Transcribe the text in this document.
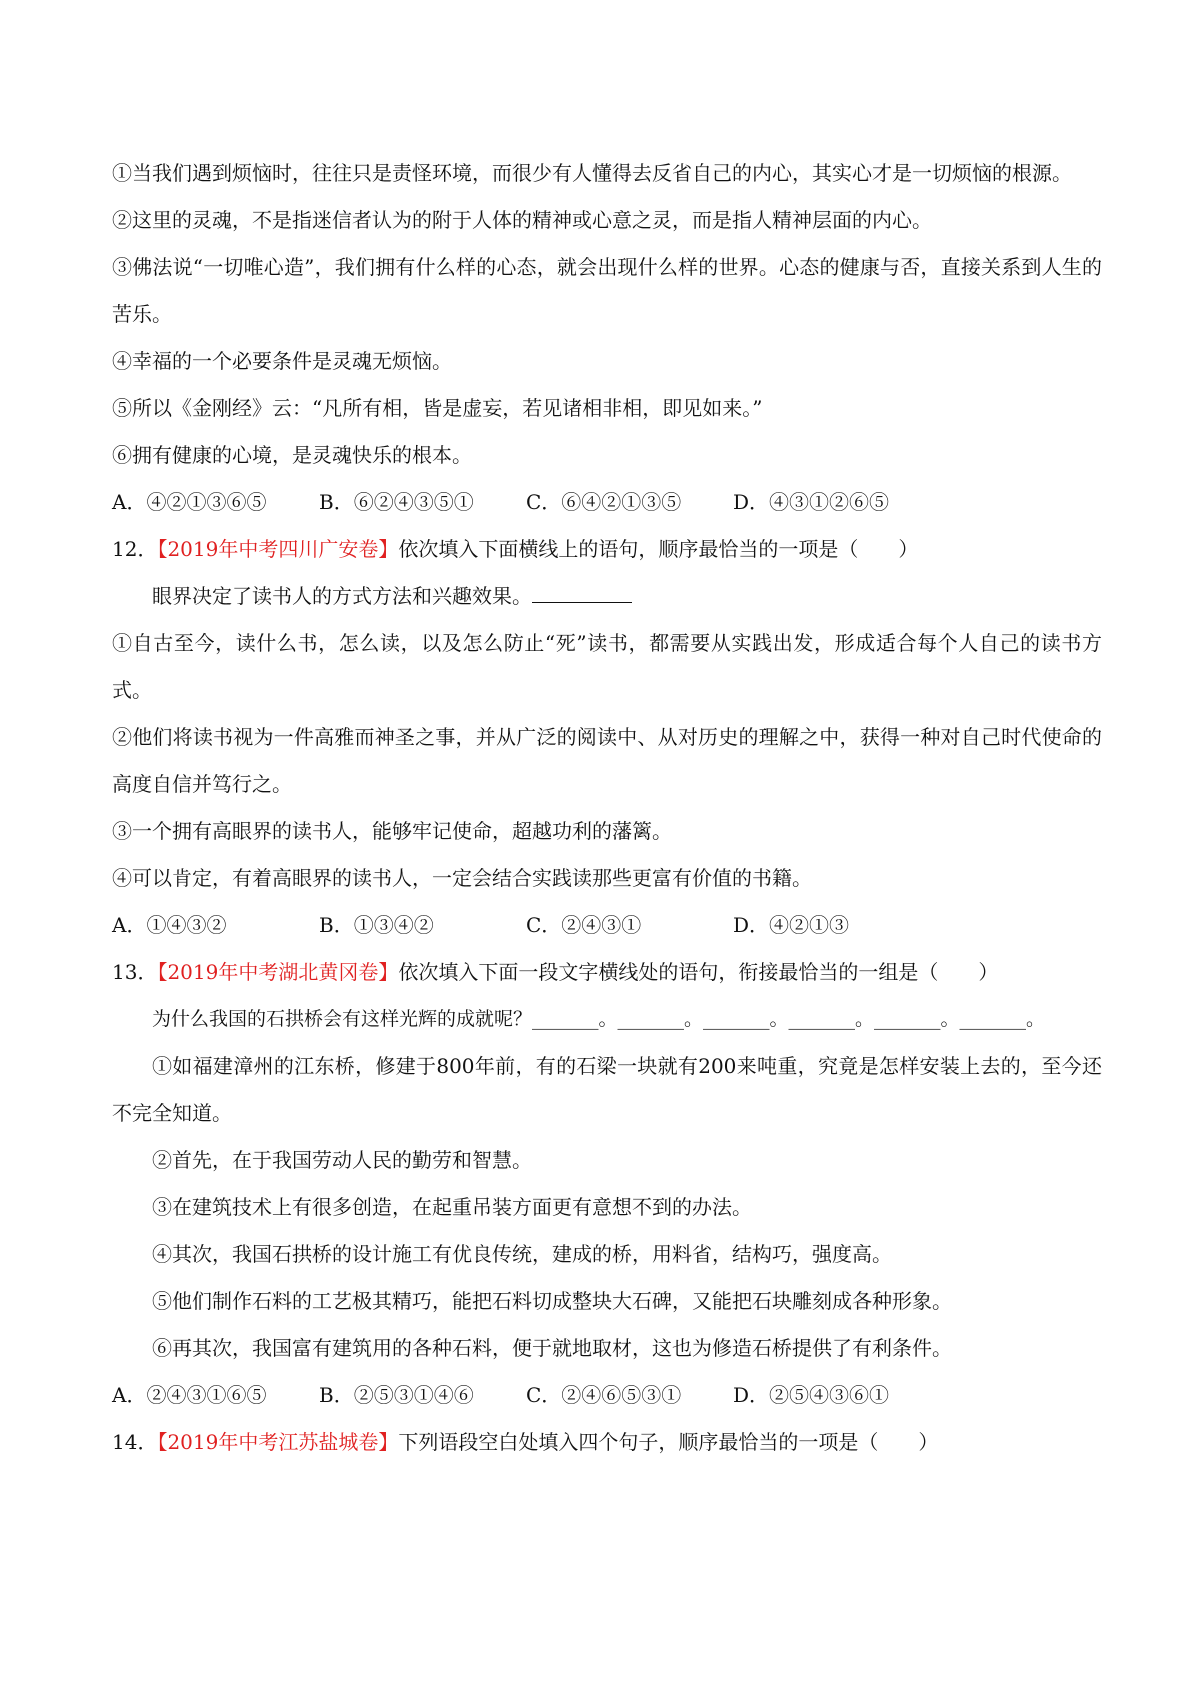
①当我们遇到烦恼时，往往只是责怪环境，而很少有人懂得去反省自己的内心，其实心才是一切烦恼的根源。

②这里的灵魂，不是指迷信者认为的附于人体的精神或心意之灵，而是指人精神层面的内心。

③佛法说“一切唯心造”，我们拥有什么样的心态，就会出现什么样的世界。心态的健康与否，直接关系到人生的苦乐。

④幸福的一个必要条件是灵魂无烦恼。

⑤所以《金刚经》云：“凡所有相，皆是虚妄，若见诸相非相，即见如来。”

⑥拥有健康的心境，是灵魂快乐的根本。

A．④②①③⑥⑤	B．⑥②④③⑤①	C．⑥④②①③⑤	D．④③①②⑥⑤

12．【2019年中考四川广安卷】依次填入下面横线上的语句，顺序最恰当的一项是（　　）

眼界决定了读书人的方式方法和兴趣效果。

①自古至今，读什么书，怎么读，以及怎么防止“死”读书，都需要从实践出发，形成适合每个人自己的读书方式。

②他们将读书视为一件高雅而神圣之事，并从广泛的阅读中、从对历史的理解之中，获得一种对自己时代使命的高度自信并笃行之。

③一个拥有高眼界的读书人，能够牢记使命，超越功利的藩篱。

④可以肯定，有着高眼界的读书人，一定会结合实践读那些更富有价值的书籍。

A．①④③②	B．①③④②	C．②④③①	D．④②①③

13．【2019年中考湖北黄冈卷】依次填入下面一段文字横线处的语句，衔接最恰当的一组是（　　）

为什么我国的石拱桥会有这样光辉的成就呢？_______。_______。_______。_______。_______。_______。

①如福建漳州的江东桥，修建于800年前，有的石梁一块就有200来吨重，究竟是怎样安装上去的，至今还不完全知道。

②首先，在于我国劳动人民的勤劳和智慧。

③在建筑技术上有很多创造，在起重吊装方面更有意想不到的办法。

④其次，我国石拱桥的设计施工有优良传统，建成的桥，用料省，结构巧，强度高。

⑤他们制作石料的工艺极其精巧，能把石料切成整块大石碑，又能把石块雕刻成各种形象。

⑥再其次，我国富有建筑用的各种石料，便于就地取材，这也为修造石桥提供了有利条件。

A．②④③①⑥⑤	B．②⑤③①④⑥	C．②④⑥⑤③①	D．②⑤④③⑥①

14．【2019年中考江苏盐城卷】下列语段空白处填入四个句子，顺序最恰当的一项是（　　）
